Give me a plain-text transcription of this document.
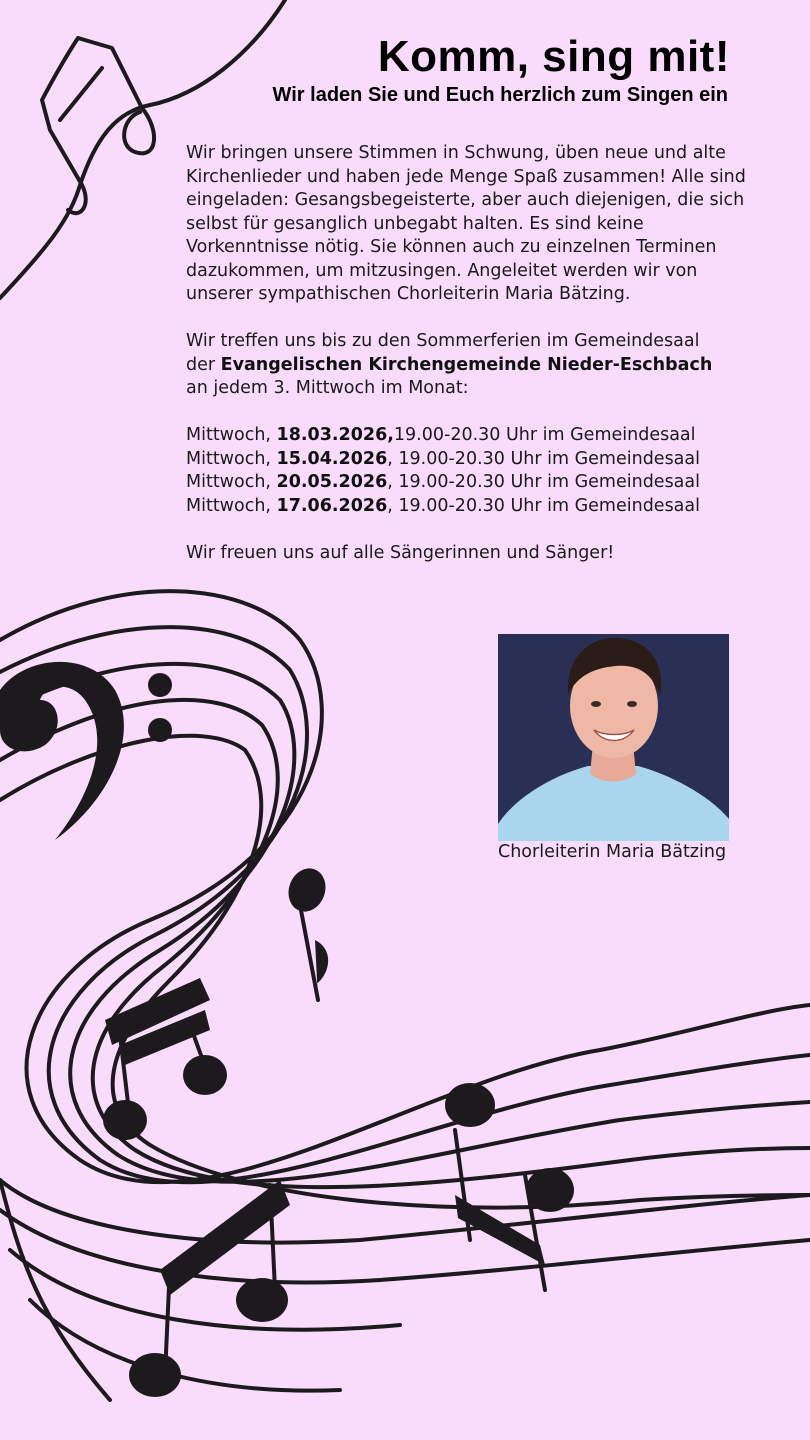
Komm, sing mit!
Wir laden Sie und Euch herzlich zum Singen ein

Wir bringen unsere Stimmen in Schwung, üben neue und alte Kirchenlieder und haben jede Menge Spaß zusammen! Alle sind eingeladen: Gesangsbegeisterte, aber auch diejenigen, die sich selbst für gesanglich unbegabt halten. Es sind keine Vorkenntnisse nötig. Sie können auch zu einzelnen Terminen dazukommen, um mitzusingen. Angeleitet werden wir von unserer sympathischen Chorleiterin Maria Bätzing.

Wir treffen uns bis zu den Sommerferien im Gemeindesaal
der Evangelischen Kirchengemeinde Nieder-Eschbach
an jedem 3. Mittwoch im Monat:

Mittwoch, 18.03.2026,19.00-20.30 Uhr im Gemeindesaal
Mittwoch, 15.04.2026, 19.00-20.30 Uhr im Gemeindesaal
Mittwoch, 20.05.2026, 19.00-20.30 Uhr im Gemeindesaal
Mittwoch, 17.06.2026, 19.00-20.30 Uhr im Gemeindesaal

Wir freuen uns auf alle Sängerinnen und Sänger!

Chorleiterin Maria Bätzing
